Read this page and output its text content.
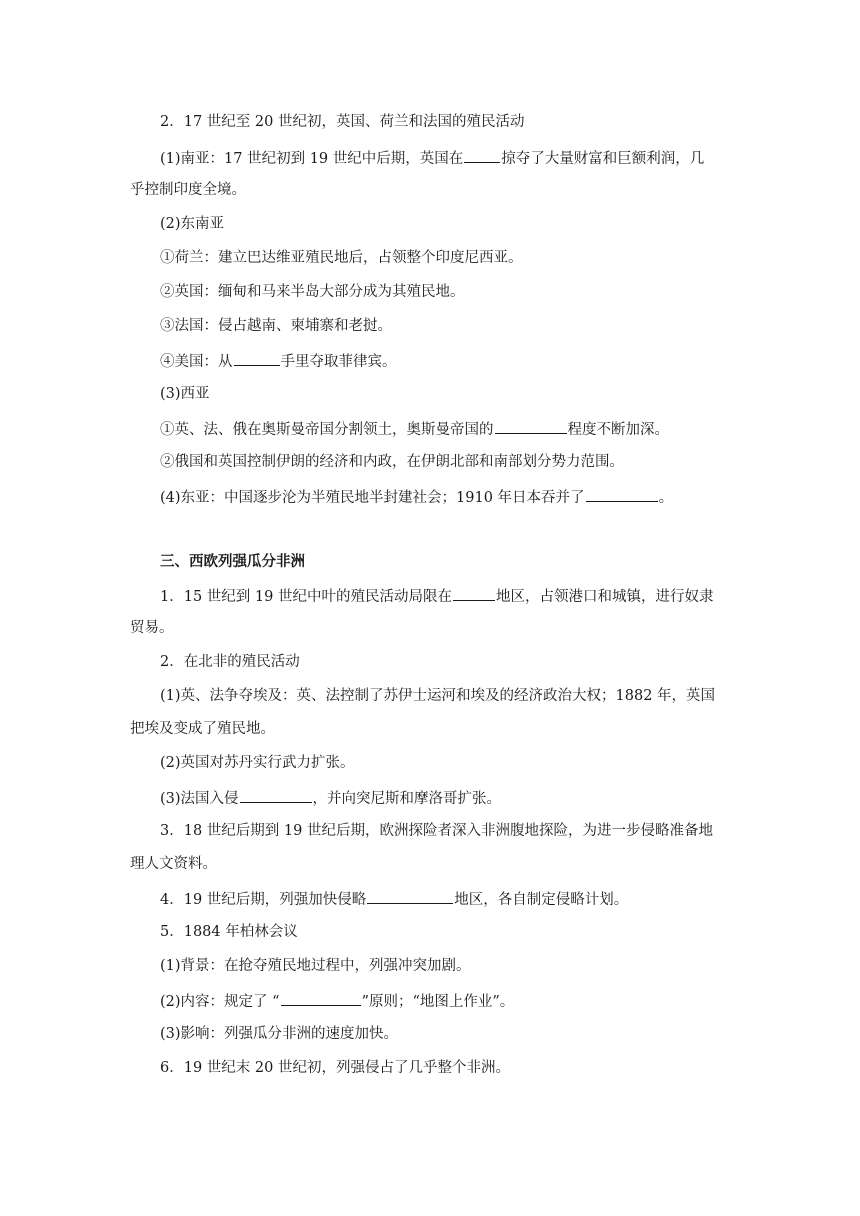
2．17 世纪至 20 世纪初，英国、荷兰和法国的殖民活动
(1)南亚：17 世纪初到 19 世纪中后期，英国在	掠夺了大量财富和巨额利润，几
乎控制印度全境。
(2)东南亚
①荷兰：建立巴达维亚殖民地后，占领整个印度尼西亚。
②英国：缅甸和马来半岛大部分成为其殖民地。
③法国：侵占越南、柬埔寨和老挝。
④美国：从	手里夺取菲律宾。
(3)西亚
①英、法、俄在奥斯曼帝国分割领土，奥斯曼帝国的	程度不断加深。
②俄国和英国控制伊朗的经济和内政，在伊朗北部和南部划分势力范围。
(4)东亚：中国逐步沦为半殖民地半封建社会；1910 年日本吞并了	。
三、西欧列强瓜分非洲
1．15 世纪到 19 世纪中叶的殖民活动局限在	地区，占领港口和城镇，进行奴隶
贸易。
2．在北非的殖民活动
(1)英、法争夺埃及：英、法控制了苏伊士运河和埃及的经济政治大权；1882 年，英国
把埃及变成了殖民地。
(2)英国对苏丹实行武力扩张。
(3)法国入侵	，并向突尼斯和摩洛哥扩张。
3．18 世纪后期到 19 世纪后期，欧洲探险者深入非洲腹地探险，为进一步侵略准备地
理人文资料。
4．19 世纪后期，列强加快侵略	地区，各自制定侵略计划。
5．1884 年柏林会议
(1)背景：在抢夺殖民地过程中，列强冲突加剧。
(2)内容：规定了 “	”原则；“地图上作业”。
(3)影响：列强瓜分非洲的速度加快。
6．19 世纪末 20 世纪初，列强侵占了几乎整个非洲。
